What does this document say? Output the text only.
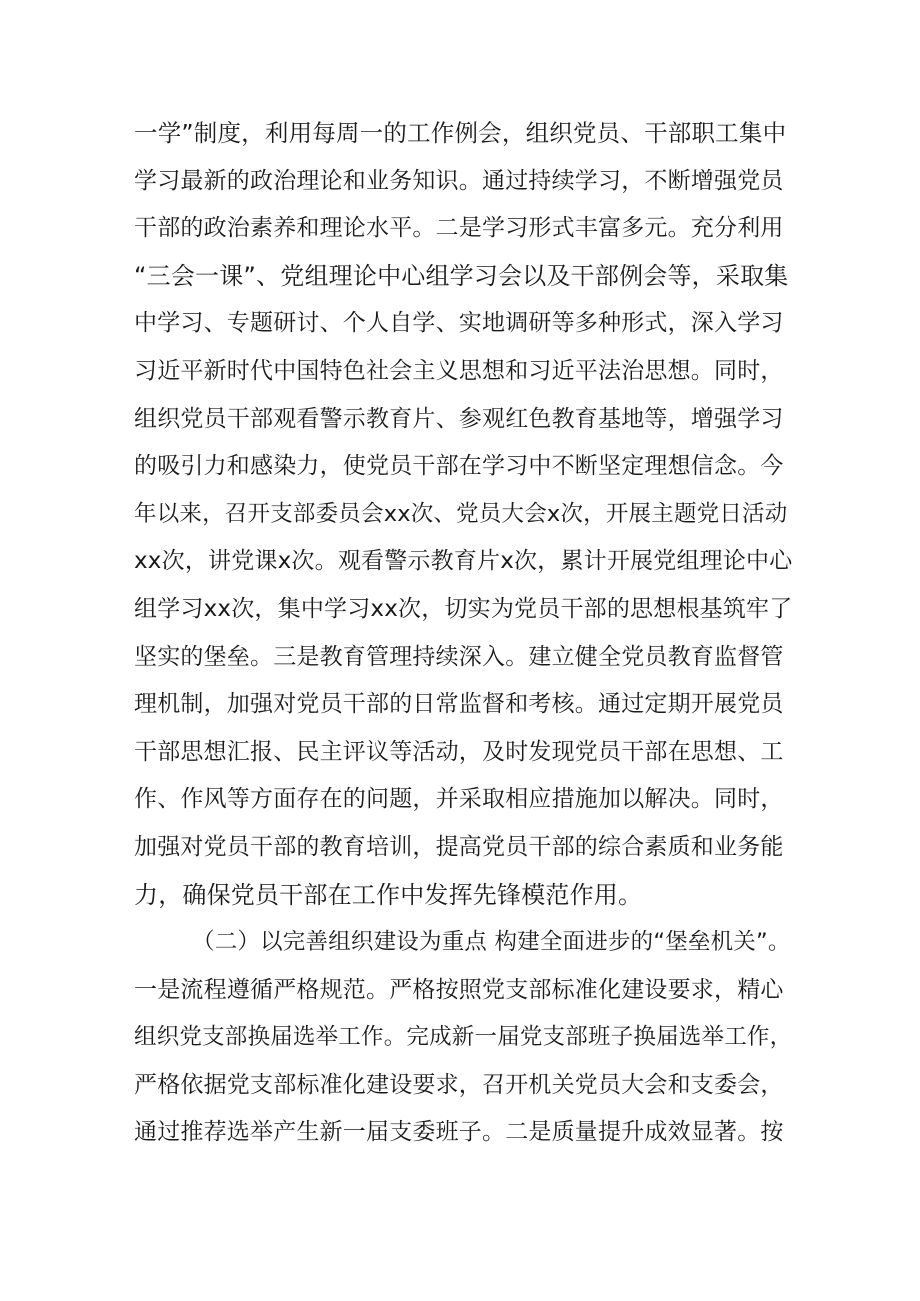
一学”制度，利用每周一的工作例会，组织党员、干部职工集中
学习最新的政治理论和业务知识。通过持续学习，不断增强党员
干部的政治素养和理论水平。二是学习形式丰富多元。充分利用
“三会一课”、党组理论中心组学习会以及干部例会等，采取集
中学习、专题研讨、个人自学、实地调研等多种形式，深入学习
习近平新时代中国特色社会主义思想和习近平法治思想。同时，
组织党员干部观看警示教育片、参观红色教育基地等，增强学习
的吸引力和感染力，使党员干部在学习中不断坚定理想信念。今
年以来，召开支部委员会xx次、党员大会x次，开展主题党日活动
xx次，讲党课x次。观看警示教育片x次，累计开展党组理论中心
组学习xx次，集中学习xx次，切实为党员干部的思想根基筑牢了
坚实的堡垒。三是教育管理持续深入。建立健全党员教育监督管
理机制，加强对党员干部的日常监督和考核。通过定期开展党员
干部思想汇报、民主评议等活动，及时发现党员干部在思想、工
作、作风等方面存在的问题，并采取相应措施加以解决。同时，
加强对党员干部的教育培训，提高党员干部的综合素质和业务能
力，确保党员干部在工作中发挥先锋模范作用。
（二）以完善组织建设为重点 构建全面进步的“堡垒机关”。
一是流程遵循严格规范。严格按照党支部标准化建设要求，精心
组织党支部换届选举工作。完成新一届党支部班子换届选举工作，
严格依据党支部标准化建设要求，召开机关党员大会和支委会，
通过推荐选举产生新一届支委班子。二是质量提升成效显著。按
